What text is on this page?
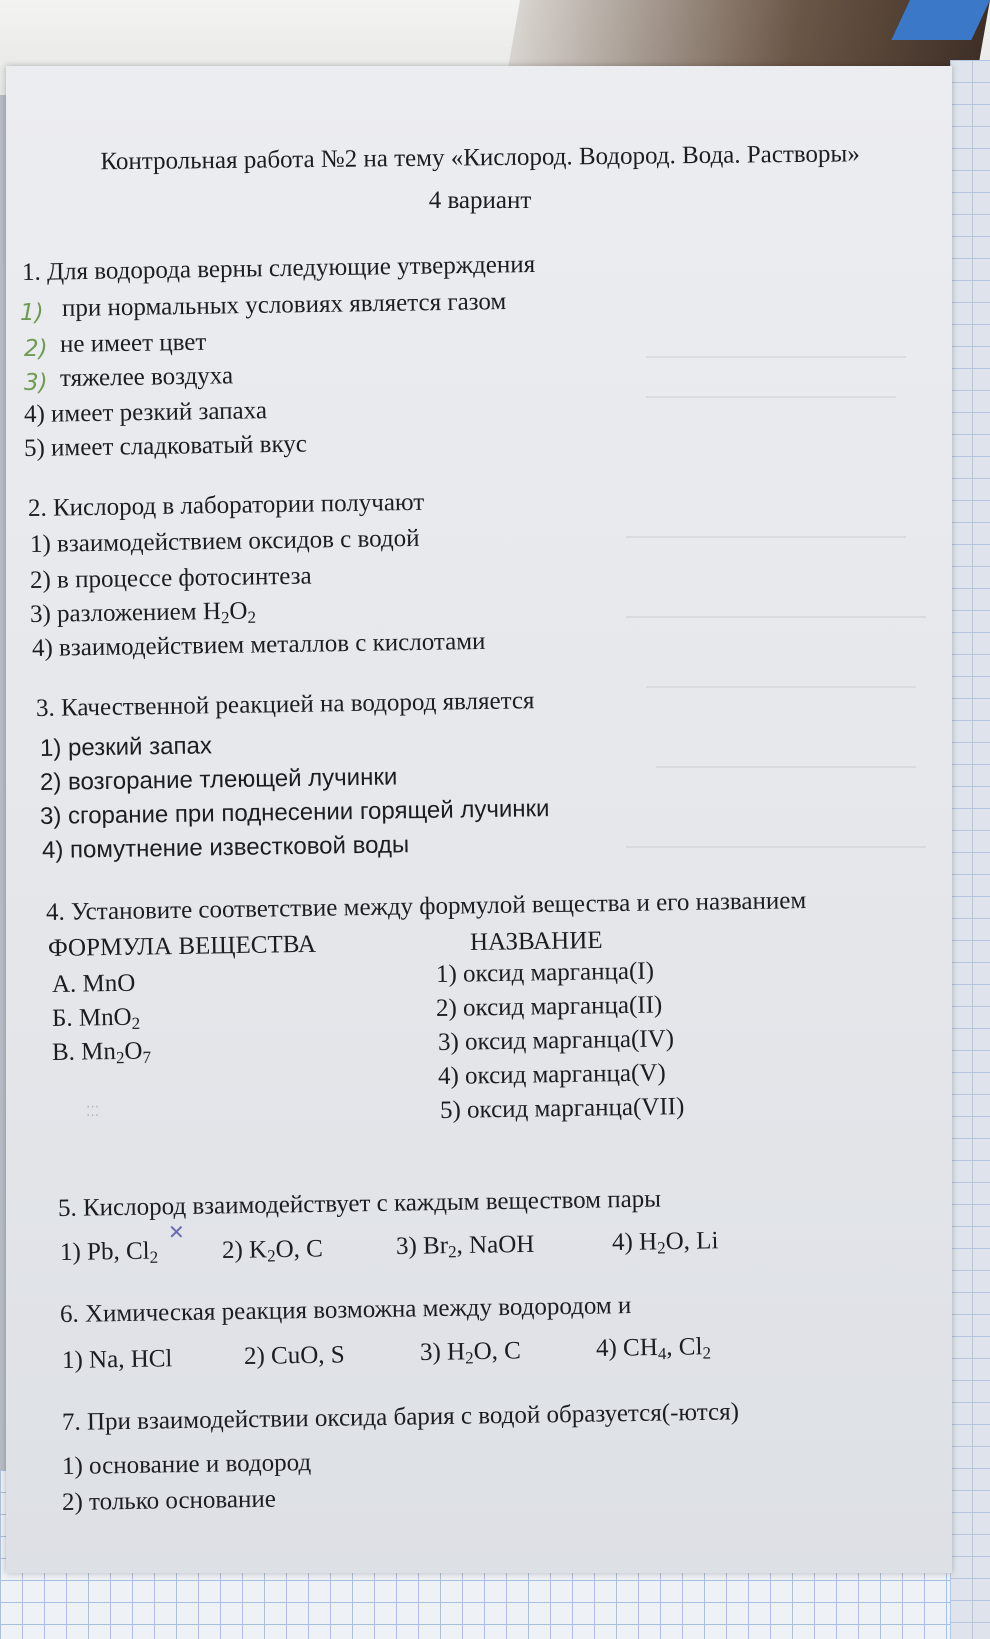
Контрольная работа №2 на тему «Кислород. Водород. Вода. Растворы»
4 вариант
1. Для водорода верны следующие утверждения
1) при нормальных условиях является газом
2) не имеет цвет
3) тяжелее воздуха
4) имеет резкий запаха
5) имеет сладковатый вкус
2. Кислород в лаборатории получают
1) взаимодействием оксидов с водой
2) в процессе фотосинтеза
3) разложением $H_2O_2$
4) взаимодействием металлов с кислотами
3. Качественной реакцией на водород является
1) резкий запах
2) возгорание тлеющей лучинки
3) сгорание при поднесении горящей лучинки
4) помутнение известковой воды
4. Установите соответствие между формулой вещества и его названием
ФОРМУЛА ВЕЩЕСТВА	НАЗВАНИЕ
А. MnO
Б. MnO$_2$
В. $Mn_2O_7$
1) оксид марганца(I)
2) оксид марганца(II)
3) оксид марганца(IV)
4) оксид марганца(V)
5) оксид марганца(VII)
⁚⁚⁚
5. Кислород взаимодействует с каждым веществом пары
1) Pb, $Cl_2$
✕
2) $K_2O$, C	3) $Br_2$, NaOH	4) $H_2O$, Li
6. Химическая реакция возможна между водородом и
1) Na, HCl	2) CuO, S	3) $H_2O$, C	4) $CH_4$, $Cl_2$
7. При взаимодействии оксида бария с водой образуется(-ются)
1) основание и водород
2) только основание
